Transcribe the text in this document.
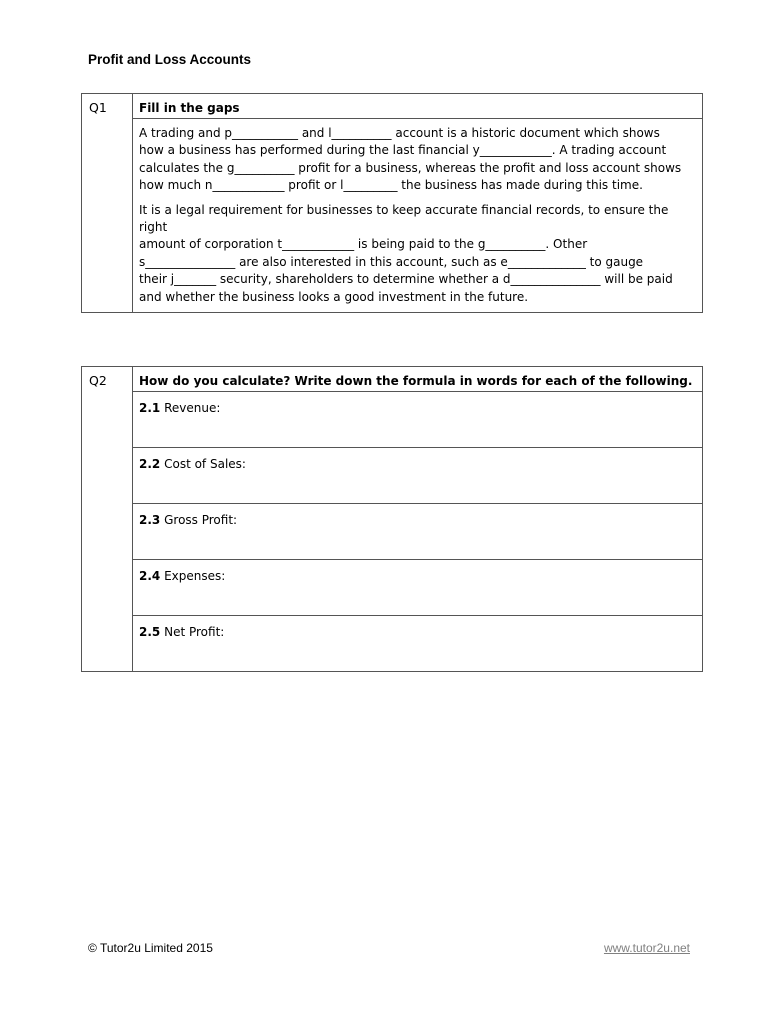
Profit and Loss Accounts
Q1	Fill in the gaps

A trading and p___________ and l__________ account is a historic document which shows
how a business has performed during the last financial y____________. A trading account
calculates the g__________ profit for a business, whereas the profit and loss account shows
how much n____________ profit or l_________ the business has made during this time.

It is a legal requirement for businesses to keep accurate financial records, to ensure the right
amount of corporation t____________ is being paid to the g__________. Other
s_______________ are also interested in this account, such as e_____________ to gauge
their j_______ security, shareholders to determine whether a d_______________ will be paid
and whether the business looks a good investment in the future.

Q2	How do you calculate? Write down the formula in words for each of the following.
2.1 Revenue:
2.2 Cost of Sales:
2.3 Gross Profit:
2.4 Expenses:
2.5 Net Profit:
© Tutor2u Limited 2015	www.tutor2u.net
